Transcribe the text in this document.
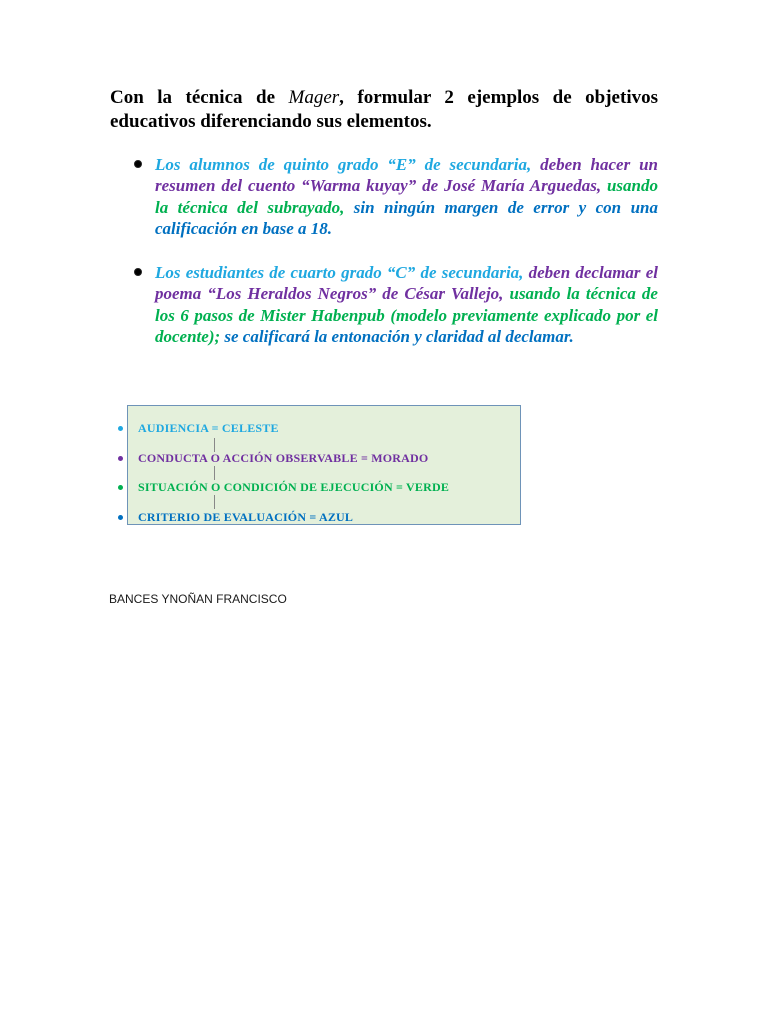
Con la técnica de Mager, formular 2 ejemplos de objetivos educativos diferenciando sus elementos.
Los alumnos de quinto grado “E” de secundaria, deben hacer un resumen del cuento “Warma kuyay” de José María Arguedas, usando la técnica del subrayado, sin ningún margen de error y con una calificación en base a 18.
Los estudiantes de cuarto grado “C” de secundaria, deben declamar el poema “Los Heraldos Negros” de César Vallejo, usando la técnica de los 6 pasos de Mister Habenpub (modelo previamente explicado por el docente); se calificará la entonación y claridad al declamar.
AUDIENCIA = CELESTE
CONDUCTA O ACCIÓN OBSERVABLE = MORADO
SITUACIÓN O CONDICIÓN DE EJECUCIÓN = VERDE
CRITERIO DE EVALUACIÓN = AZUL
BANCES YNOÑAN FRANCISCO
